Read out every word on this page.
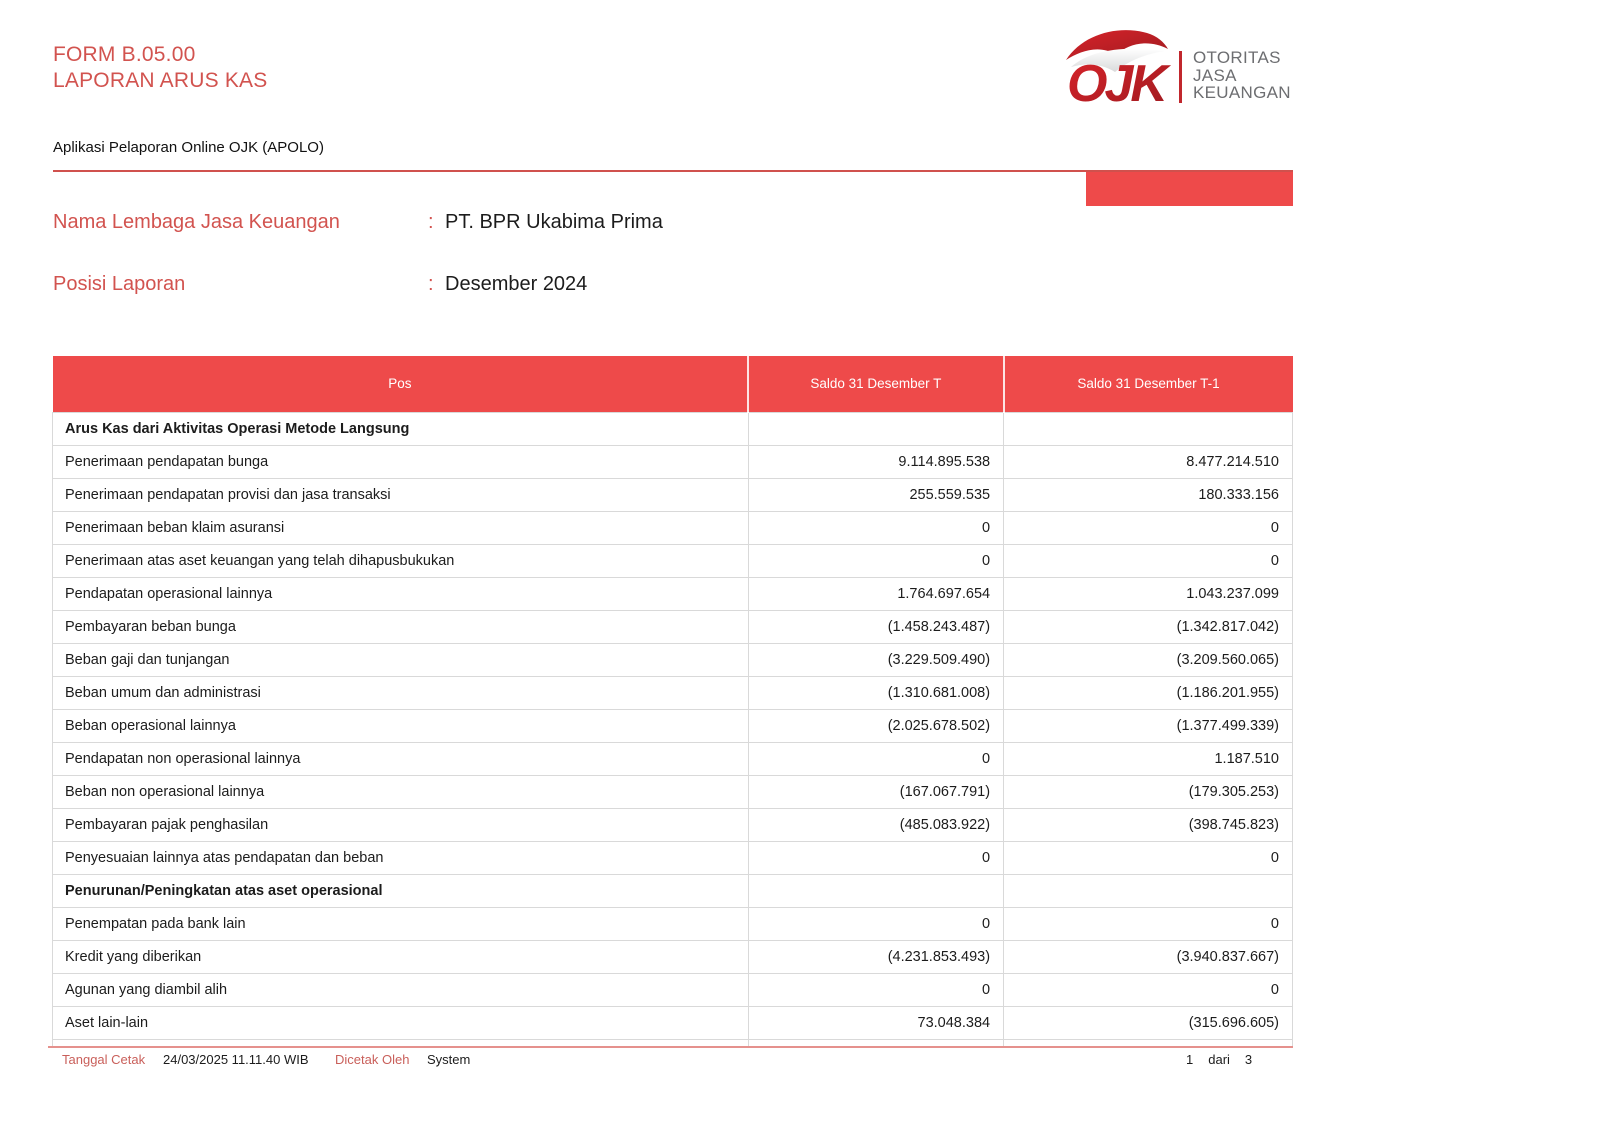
FORM B.05.00
LAPORAN ARUS KAS	OJK	OTORITAS
JASA
KEUANGAN
Aplikasi Pelaporan Online OJK (APOLO)
Nama Lembaga Jasa Keuangan	: PT. BPR Ukabima Prima
Posisi Laporan	: Desember 2024
Pos	Saldo 31 Desember T	Saldo 31 Desember T-1
Arus Kas dari Aktivitas Operasi Metode Langsung		
Penerimaan pendapatan bunga	9.114.895.538	8.477.214.510
Penerimaan pendapatan provisi dan jasa transaksi	255.559.535	180.333.156
Penerimaan beban klaim asuransi	0	0
Penerimaan atas aset keuangan yang telah dihapusbukukan	0	0
Pendapatan operasional lainnya	1.764.697.654	1.043.237.099
Pembayaran beban bunga	(1.458.243.487)	(1.342.817.042)
Beban gaji dan tunjangan	(3.229.509.490)	(3.209.560.065)
Beban umum dan administrasi	(1.310.681.008)	(1.186.201.955)
Beban operasional lainnya	(2.025.678.502)	(1.377.499.339)
Pendapatan non operasional lainnya	0	1.187.510
Beban non operasional lainnya	(167.067.791)	(179.305.253)
Pembayaran pajak penghasilan	(485.083.922)	(398.745.823)
Penyesuaian lainnya atas pendapatan dan beban	0	0
Penurunan/Peningkatan atas aset operasional		
Penempatan pada bank lain	0	0
Kredit yang diberikan	(4.231.853.493)	(3.940.837.667)
Agunan yang diambil alih	0	0
Aset lain-lain	73.048.384	(315.696.605)

Tanggal Cetak 24/03/2025 11.11.40 WIB Dicetak Oleh System	1 dari 3
